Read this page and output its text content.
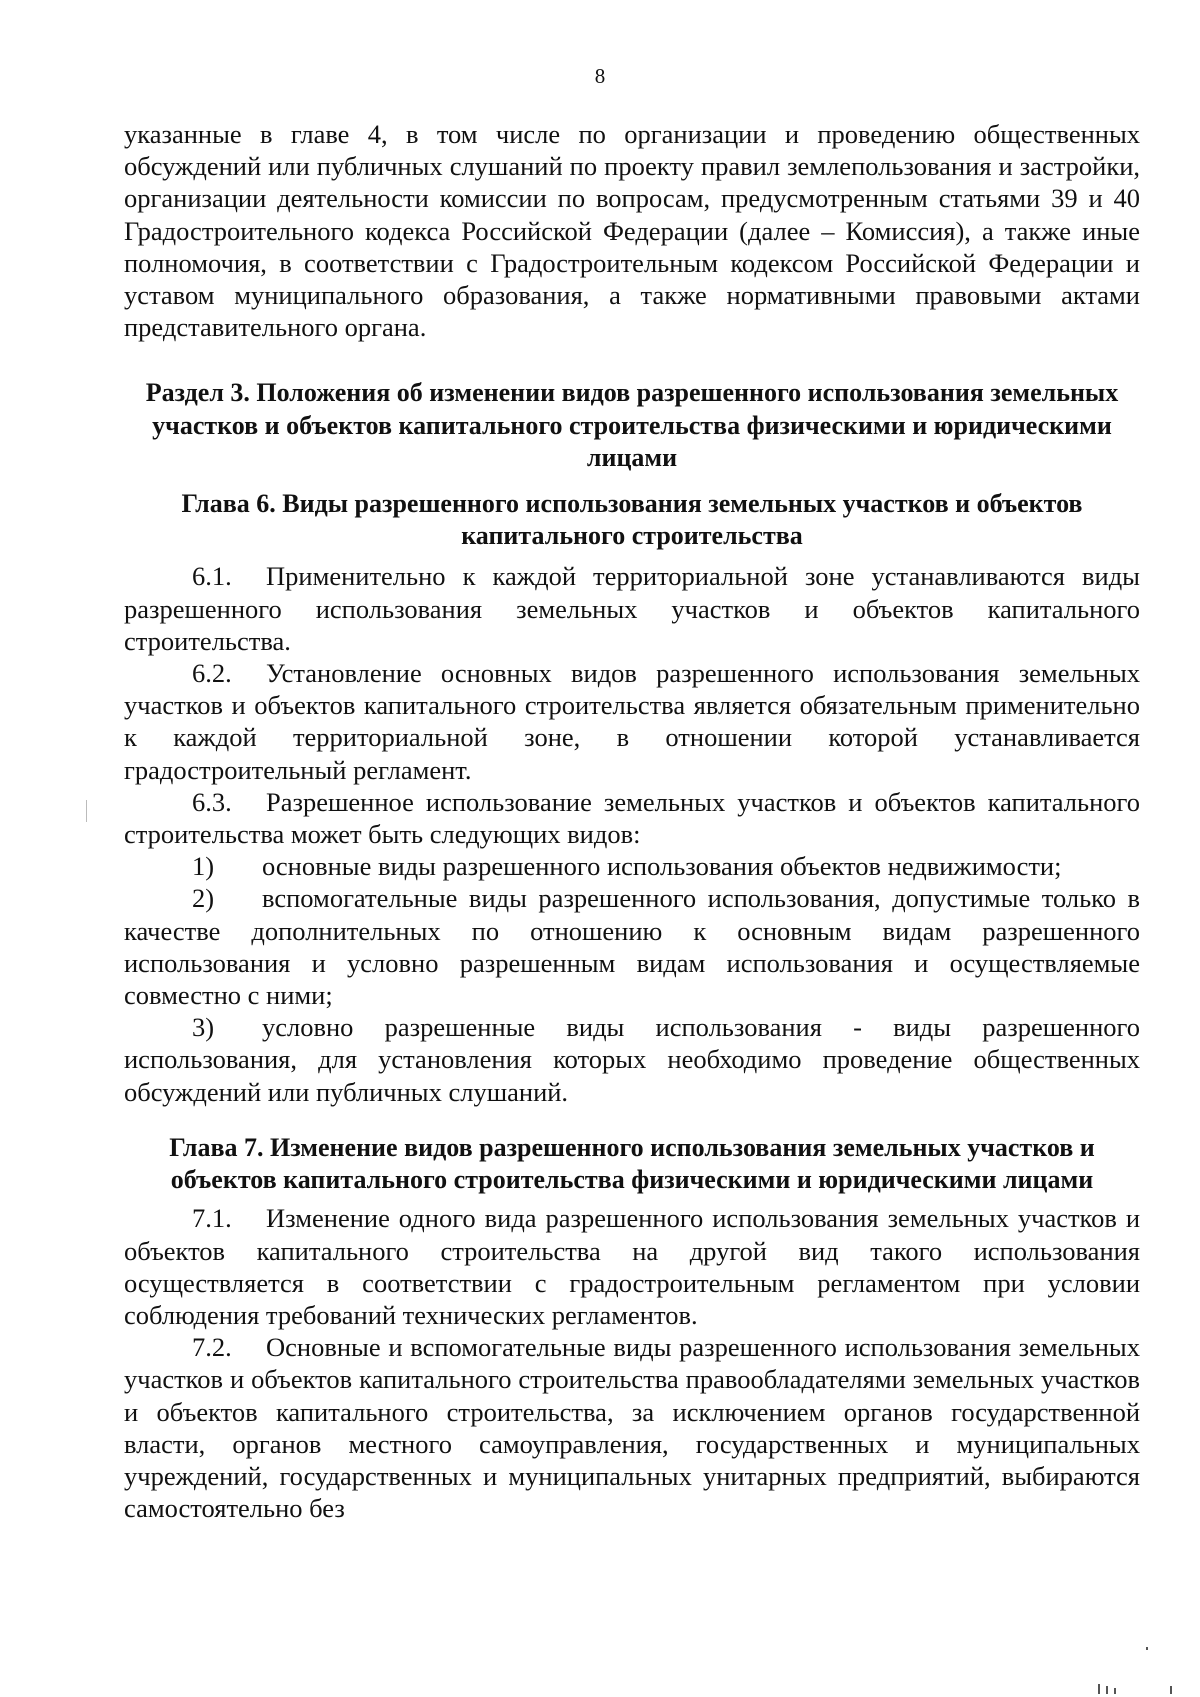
8

указанные в главе 4, в том числе по организации и проведению общественных обсуждений или публичных слушаний по проекту правил землепользования и застройки, организации деятельности комиссии по вопросам, предусмотренным статьями 39 и 40 Градостроительного кодекса Российской Федерации (далее – Комиссия), а также иные полномочия, в соответствии с Градостроительным кодексом Российской Федерации и уставом муниципального образования, а также нормативными правовыми актами представительного органа.

Раздел 3. Положения об изменении видов разрешенного использования земельных участков и объектов капитального строительства физическими и юридическими лицами
Глава 6. Виды разрешенного использования земельных участков и объектов капитального строительства

6.1. Применительно к каждой территориальной зоне устанавливаются виды разрешенного использования земельных участков и объектов капитального строительства.

6.2. Установление основных видов разрешенного использования земельных участков и объектов капитального строительства является обязательным применительно к каждой территориальной зоне, в отношении которой устанавливается градостроительный регламент.

6.3. Разрешенное использование земельных участков и объектов капитального строительства может быть следующих видов:

1) основные виды разрешенного использования объектов недвижимости;

2) вспомогательные виды разрешенного использования, допустимые только в качестве дополнительных по отношению к основным видам разрешенного использования и условно разрешенным видам использования и осуществляемые совместно с ними;

3) условно разрешенные виды использования - виды разрешенного использования, для установления которых необходимо проведение общественных обсуждений или публичных слушаний.

Глава 7. Изменение видов разрешенного использования земельных участков и объектов капитального строительства физическими и юридическими лицами

7.1. Изменение одного вида разрешенного использования земельных участков и объектов капитального строительства на другой вид такого использования осуществляется в соответствии с градостроительным регламентом при условии соблюдения требований технических регламентов.

7.2. Основные и вспомогательные виды разрешенного использования земельных участков и объектов капитального строительства правообладателями земельных участков и объектов капитального строительства, за исключением органов государственной власти, органов местного самоуправления, государственных и муниципальных учреждений, государственных и муниципальных унитарных предприятий, выбираются самостоятельно без
